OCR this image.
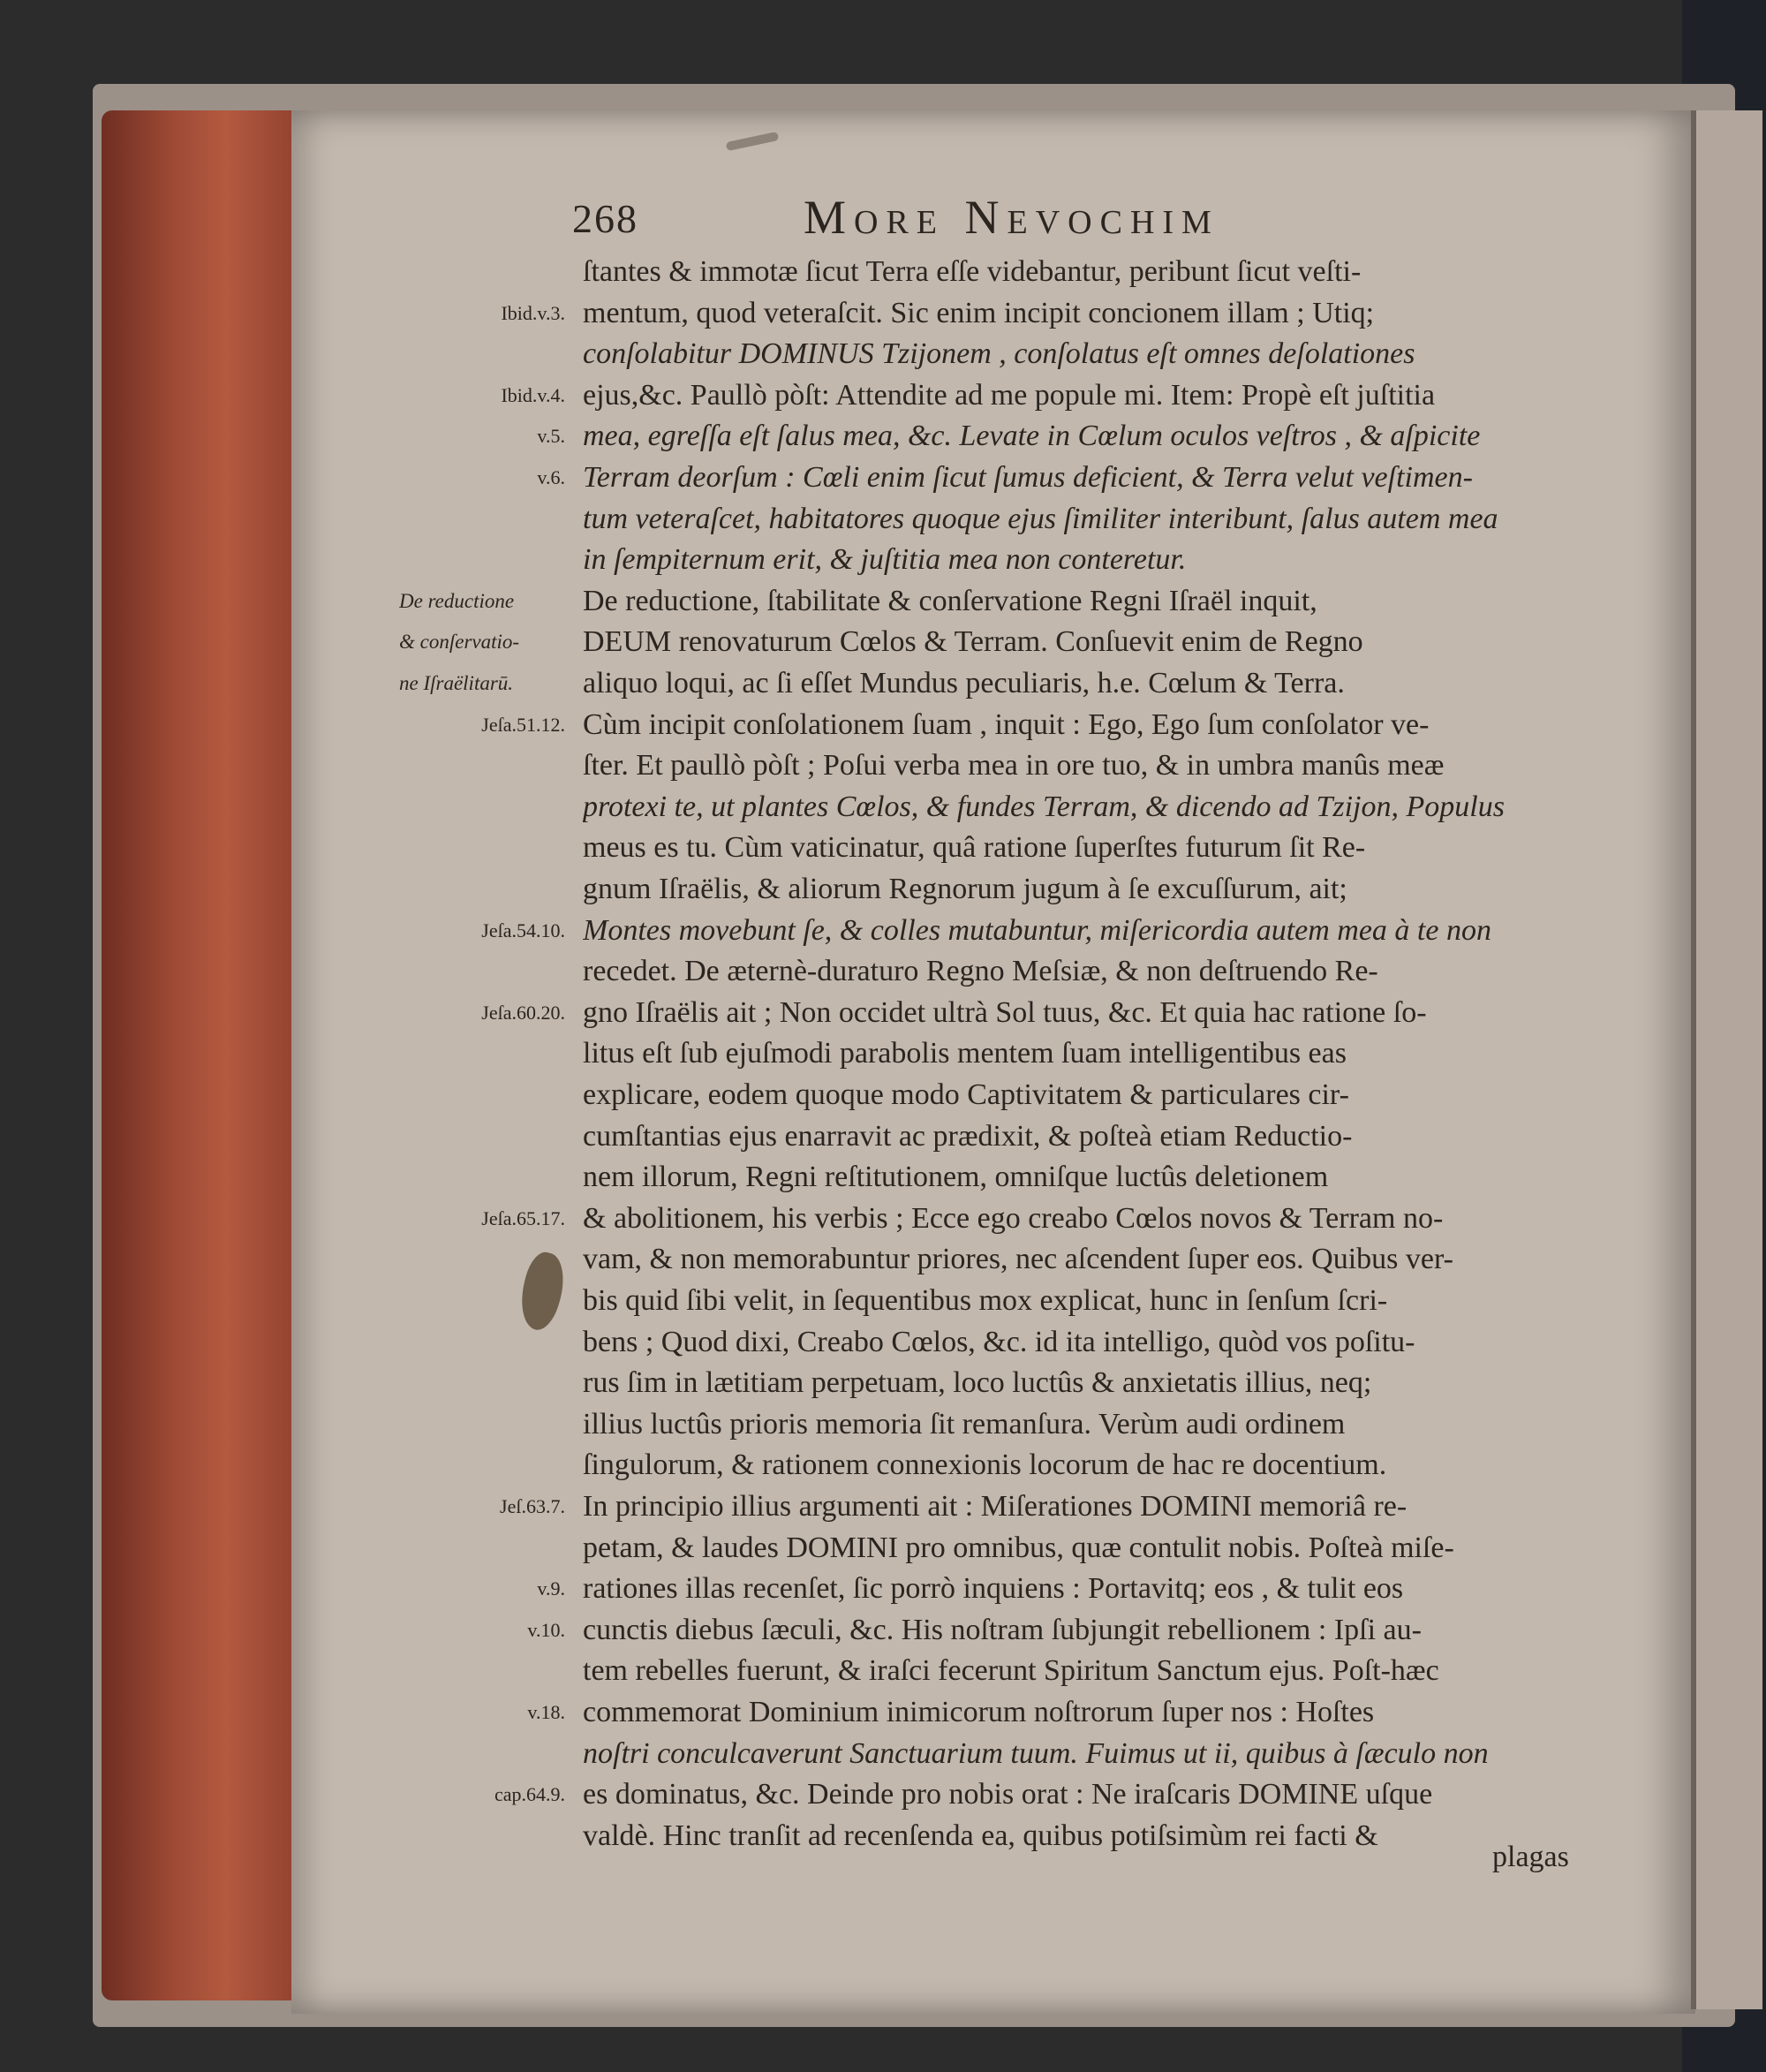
268	More Nevochim
ſtantes & immotæ ſicut Terra eſſe videbantur, peribunt ſicut veſti-
mentum, quod veteraſcit. Sic enim incipit concionem illam ; Utiq;
conſolabitur DOMINUS Tzijonem , conſolatus eſt omnes deſolationes
ejus,&c. Paullò pòſt: Attendite ad me popule mi. Item: Propè eſt juſtitia
mea, egreſſa eſt ſalus mea, &c. Levate in Cœlum oculos veſtros , & aſpicite
Terram deorſum : Cœli enim ſicut ſumus deficient, & Terra velut veſtimen-
tum veteraſcet, habitatores quoque ejus ſimiliter interibunt, ſalus autem mea
in ſempiternum erit, & juſtitia mea non conteretur.
De reductione, ſtabilitate & conſervatione Regni Iſraël inquit,
DEUM renovaturum Cœlos & Terram. Conſuevit enim de Regno
aliquo loqui, ac ſi eſſet Mundus peculiaris, h.e. Cœlum & Terra.
Cùm incipit conſolationem ſuam , inquit : Ego, Ego ſum conſolator ve-
ſter. Et paullò pòſt ; Poſui verba mea in ore tuo, & in umbra manûs meæ
protexi te, ut plantes Cœlos, & fundes Terram, & dicendo ad Tzijon, Populus
meus es tu. Cùm vaticinatur, quâ ratione ſuperſtes futurum ſit Re-
gnum Iſraëlis, & aliorum Regnorum jugum à ſe excuſſurum, ait;
Montes movebunt ſe, & colles mutabuntur, miſericordia autem mea à te non
recedet. De æternè-duraturo Regno Meſsiæ, & non deſtruendo Re-
gno Iſraëlis ait ; Non occidet ultrà Sol tuus, &c. Et quia hac ratione ſo-
litus eſt ſub ejuſmodi parabolis mentem ſuam intelligentibus eas
explicare, eodem quoque modo Captivitatem & particulares cir-
cumſtantias ejus enarravit ac prædixit, & poſteà etiam Reductio-
nem illorum, Regni reſtitutionem, omniſque luctûs deletionem
& abolitionem, his verbis ; Ecce ego creabo Cœlos novos & Terram no-
vam, & non memorabuntur priores, nec aſcendent ſuper eos. Quibus ver-
bis quid ſibi velit, in ſequentibus mox explicat, hunc in ſenſum ſcri-
bens ; Quod dixi, Creabo Cœlos, &c. id ita intelligo, quòd vos poſitu-
rus ſim in lætitiam perpetuam, loco luctûs & anxietatis illius, neq;
illius luctûs prioris memoria ſit remanſura. Verùm audi ordinem
ſingulorum, & rationem connexionis locorum de hac re docentium.
In principio illius argumenti ait : Miſerationes DOMINI memoriâ re-
petam, & laudes DOMINI pro omnibus, quæ contulit nobis. Poſteà miſe-
rationes illas recenſet, ſic porrò inquiens : Portavitq; eos , & tulit eos
cunctis diebus ſæculi, &c. His noſtram ſubjungit rebellionem : Ipſi au-
tem rebelles fuerunt, & iraſci fecerunt Spiritum Sanctum ejus. Poſt-hæc
commemorat Dominium inimicorum noſtrorum ſuper nos : Hoſtes
noſtri conculcaverunt Sanctuarium tuum. Fuimus ut ii, quibus à ſæculo non
es dominatus, &c. Deinde pro nobis orat : Ne iraſcaris DOMINE uſque
valdè. Hinc tranſit ad recenſenda ea, quibus potiſsimùm rei facti &
Ibid.v.3.
Ibid.v.4.
v.5.
v.6.
De reductione
& conſervatio-
ne Iſraëlitarū.
Jeſa.51.12.
Jeſa.54.10.
Jeſa.60.20.
Jeſa.65.17.
Jeſ.63.7.
v.9.
v.10.
v.18.
cap.64.9.
plagas
